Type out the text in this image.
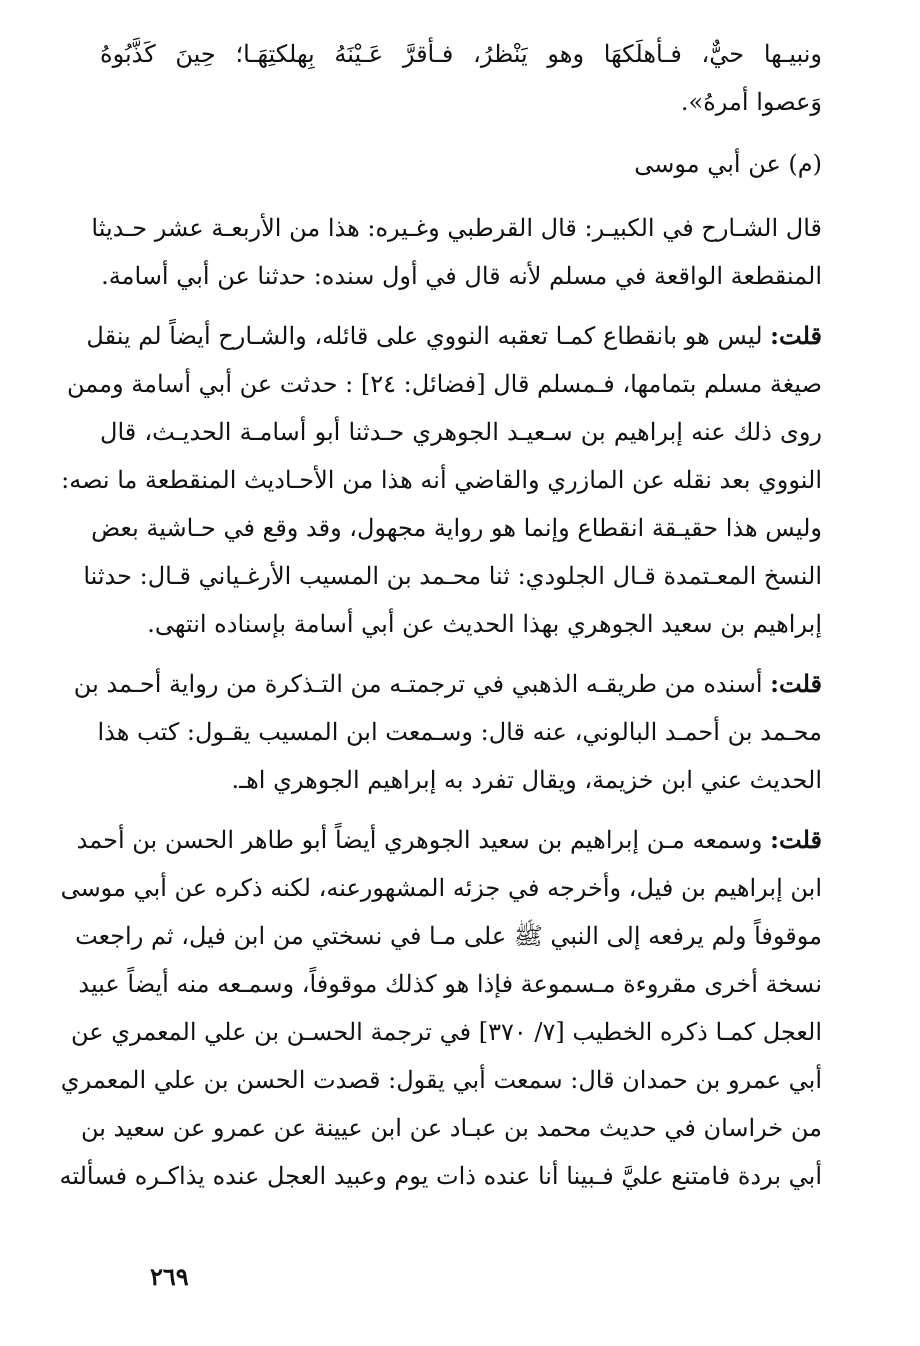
ونبيـها حيٌّ، فـأهلَكهَا وهو يَنْظرُ، فـأقرَّ عَـيْنَهُ بِهلكتِهَـا؛ حِينَ كَذَّبُوهُ
وَعصوا أمرهُ».
(م) عن أبي موسى
قال الشـارح في الكبيـر: قال القرطبي وغـيره: هذا من الأربعـة عشر حـديثا
المنقطعة الواقعة في مسلم لأنه قال في أول سنده: حدثنا عن أبي أسامة.
قلت: ليس هو بانقطاع كمـا تعقبه النووي على قائله، والشـارح أيضاً لم ينقل
صيغة مسلم بتمامها، فـمسلم قال [فضائل: ٢٤] : حدثت عن أبي أسامة وممن
روى ذلك عنه إبراهيم بن سـعيـد الجوهري حـدثنا أبو أسامـة الحديـث، قال
النووي بعد نقله عن المازري والقاضي أنه هذا من الأحـاديث المنقطعة ما نصه:
وليس هذا حقيـقة انقطاع وإنما هو رواية مجهول، وقد وقع في حـاشية بعض
النسخ المعـتمدة قـال الجلودي: ثنا محـمد بن المسيب الأرغـياني قـال: حدثنا
إبراهيم بن سعيد الجوهري بهذا الحديث عن أبي أسامة بإسناده انتهى.
قلت: أسنده من طريقـه الذهبي في ترجمتـه من التـذكرة من رواية أحـمد بن
محـمد بن أحمـد البالوني، عنه قال: وسـمعت ابن المسيب يقـول: كتب هذا
الحديث عني ابن خزيمة، ويقال تفرد به إبراهيم الجوهري اهـ.
قلت: وسمعه مـن إبراهيم بن سعيد الجوهري أيضاً أبو طاهر الحسن بن أحمد
ابن إبراهيم بن فيل، وأخرجه في جزئه المشهورعنه، لكنه ذكره عن أبي موسى
موقوفاً ولم يرفعه إلى النبي ﷺ على مـا في نسختي من ابن فيل، ثم راجعت
نسخة أخرى مقروءة مـسموعة فإذا هو كذلك موقوفاً، وسمـعه منه أيضاً عبيد
العجل كمـا ذكره الخطيب [٧/ ٣٧٠] في ترجمة الحسـن بن علي المعمري عن
أبي عمرو بن حمدان قال: سمعت أبي يقول: قصدت الحسن بن علي المعمري
من خراسان في حديث محمد بن عبـاد عن ابن عيينة عن عمرو عن سعيد بن
أبي بردة فامتنع عليَّ فـبينا أنا عنده ذات يوم وعبيد العجل عنده يذاكـره فسألته
٢٦٩
